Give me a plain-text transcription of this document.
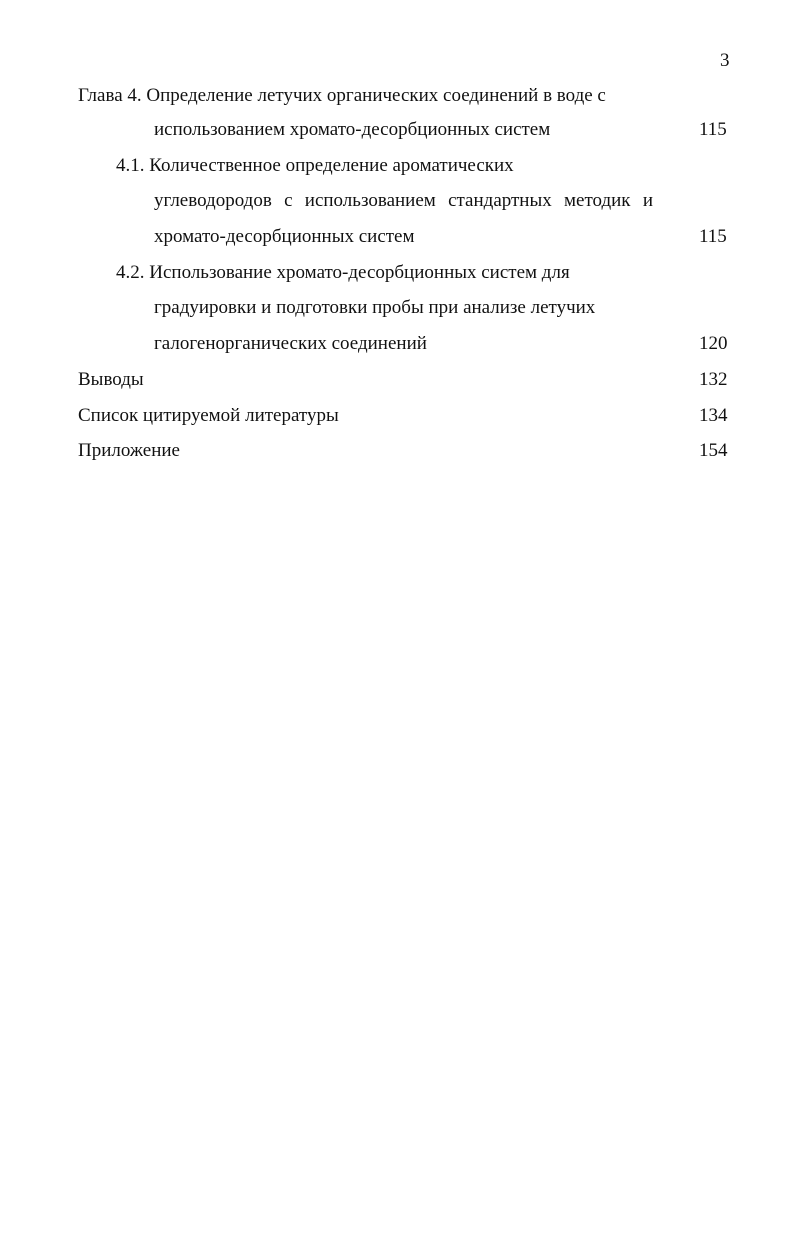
3
Глава 4. Определение летучих органических соединений в воде с
использованием хромато-десорбционных систем	115
4.1. Количественное определение ароматических
углеводородов с использованием стандартных методик и
хромато-десорбционных систем	115
4.2. Использование хромато-десорбционных систем для
градуировки и подготовки пробы при анализе летучих
галогенорганических соединений	120
Выводы	132
Список цитируемой литературы	134
Приложение	154
